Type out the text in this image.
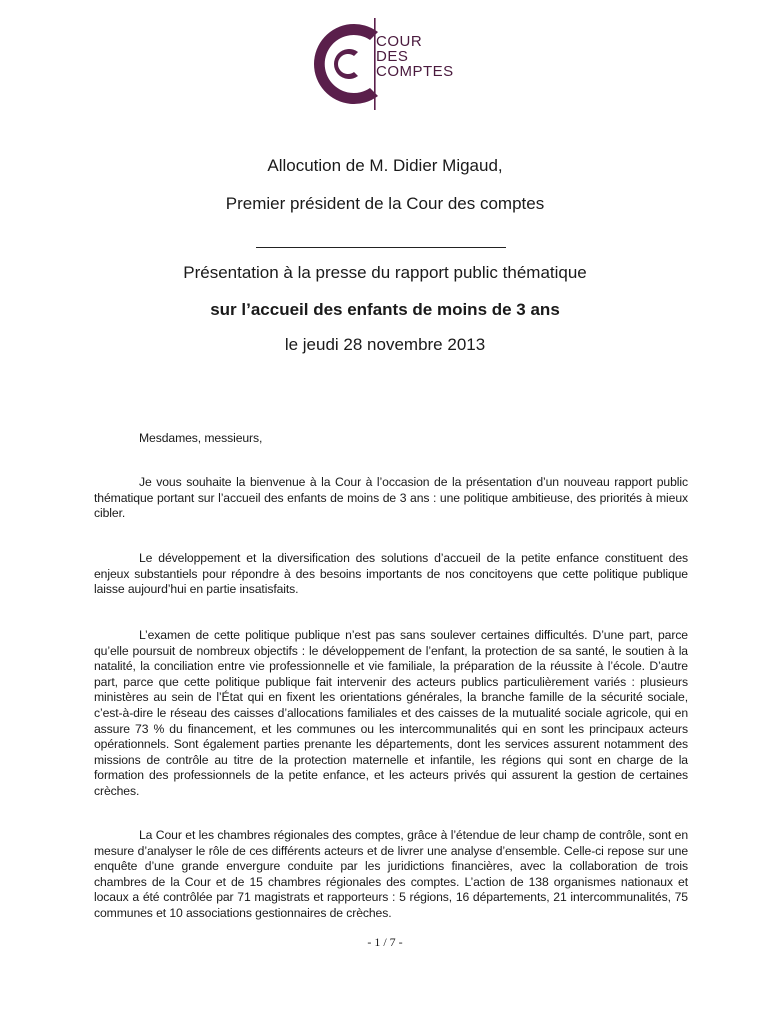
COUR
DES
COMPTES
Allocution de M. Didier Migaud,
Premier président de la Cour des comptes
Présentation à la presse du rapport public thématique
sur l’accueil des enfants de moins de 3 ans
le jeudi 28 novembre 2013
Mesdames, messieurs,
Je vous souhaite la bienvenue à la Cour à l’occasion de la présentation d’un nouveau rapport public thématique portant sur l’accueil des enfants de moins de 3 ans : une politique ambitieuse, des priorités à mieux cibler.
Le développement et la diversification des solutions d’accueil de la petite enfance constituent des enjeux substantiels pour répondre à des besoins importants de nos concitoyens que cette politique publique laisse aujourd’hui en partie insatisfaits.
L’examen de cette politique publique n’est pas sans soulever certaines difficultés. D’une part, parce qu’elle poursuit de nombreux objectifs : le développement de l’enfant, la protection de sa santé, le soutien à la natalité, la conciliation entre vie professionnelle et vie familiale, la préparation de la réussite à l’école. D’autre part, parce que cette politique publique fait intervenir des acteurs publics particulièrement variés : plusieurs ministères au sein de l’État qui en fixent les orientations générales, la branche famille de la sécurité sociale, c’est-à-dire le réseau des caisses d’allocations familiales et des caisses de la mutualité sociale agricole, qui en assure 73 % du financement, et les communes ou les intercommunalités qui en sont les principaux acteurs opérationnels. Sont également parties prenante les départements, dont les services assurent notamment des missions de contrôle au titre de la protection maternelle et infantile, les régions qui sont en charge de la formation des professionnels de la petite enfance, et les acteurs privés qui assurent la gestion de certaines crèches.
La Cour et les chambres régionales des comptes, grâce à l’étendue de leur champ de contrôle, sont en mesure d’analyser le rôle de ces différents acteurs et de livrer une analyse d’ensemble. Celle-ci repose sur une enquête d’une grande envergure conduite par les juridictions financières, avec la collaboration de trois chambres de la Cour et de 15 chambres régionales des comptes. L’action de 138 organismes nationaux et locaux a été contrôlée par 71 magistrats et rapporteurs : 5 régions, 16 départements, 21 intercommunalités, 75 communes et 10 associations gestionnaires de crèches.
- 1 / 7 -
